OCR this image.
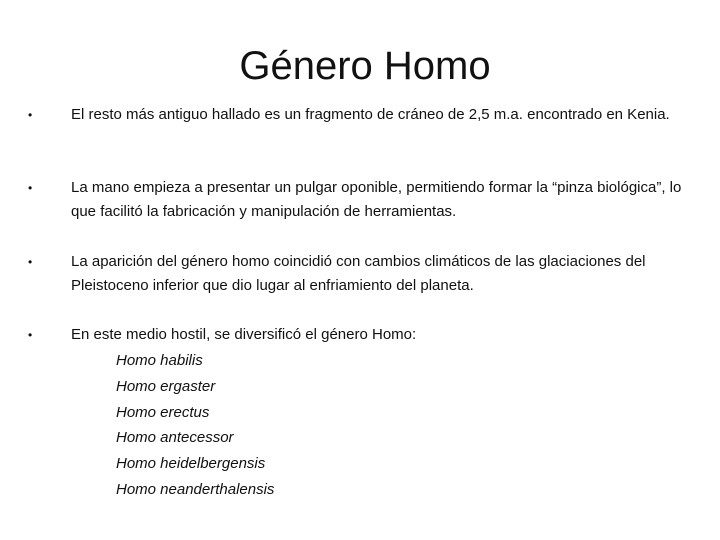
Género Homo
•	El resto más antiguo hallado es un fragmento de cráneo de 2,5 m.a. encontrado en Kenia.
•	La mano empieza a presentar un pulgar oponible, permitiendo formar la “pinza biológica”, lo que facilitó la fabricación y manipulación de herramientas.
•	La aparición del género homo coincidió con cambios climáticos de las glaciaciones del Pleistoceno inferior que dio lugar al enfriamiento del planeta.
•	En este medio hostil, se diversificó el género Homo:
Homo habilis
Homo ergaster
Homo erectus
Homo antecessor
Homo heidelbergensis
Homo neanderthalensis
